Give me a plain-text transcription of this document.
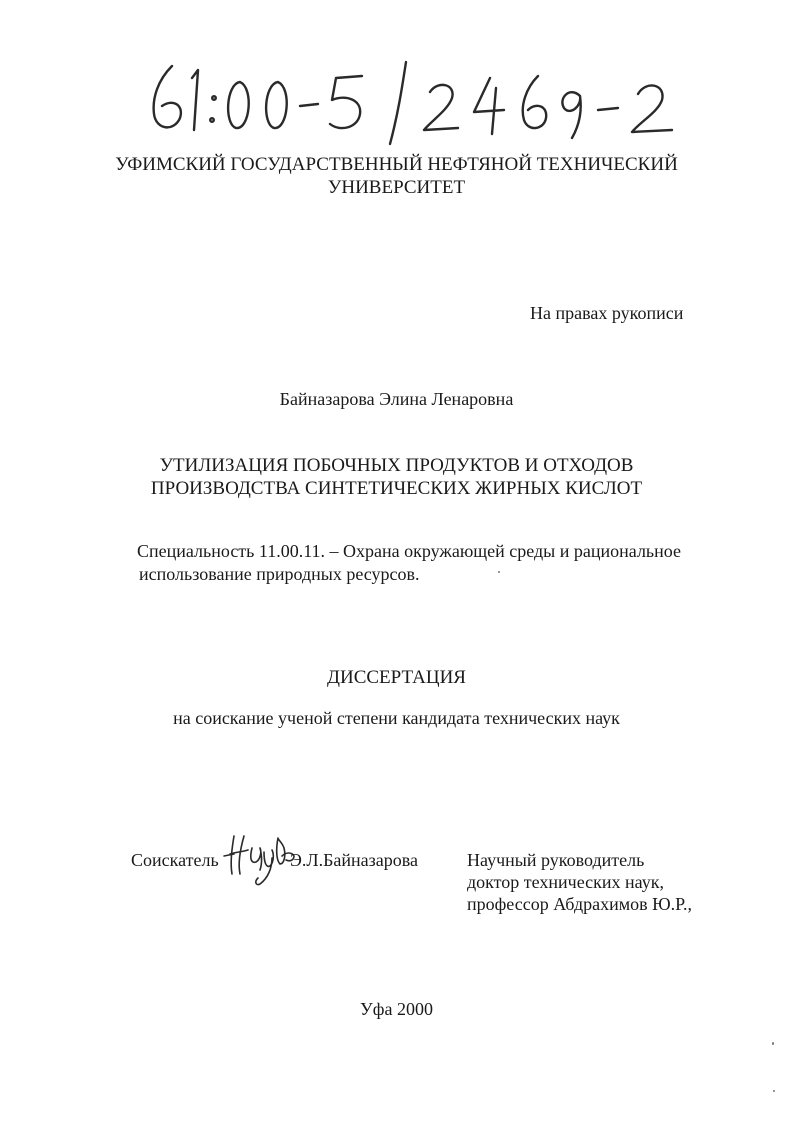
УФИМСКИЙ ГОСУДАРСТВЕННЫЙ НЕФТЯНОЙ ТЕХНИЧЕСКИЙ
УНИВЕРСИТЕТ
На правах рукописи
Байназарова Элина Ленаровна
УТИЛИЗАЦИЯ ПОБОЧНЫХ ПРОДУКТОВ И ОТХОДОВ
ПРОИЗВОДСТВА СИНТЕТИЧЕСКИХ ЖИРНЫХ КИСЛОТ
Специальность 11.00.11. – Охрана окружающей среды и рациональное
использование природных ресурсов.
ДИССЕРТАЦИЯ
на соискание ученой степени кандидата технических наук
Соискатель	Э.Л.Байназарова	Научный руководитель
доктор технических наук,
профессор Абдрахимов Ю.Р.,
Уфа 2000
